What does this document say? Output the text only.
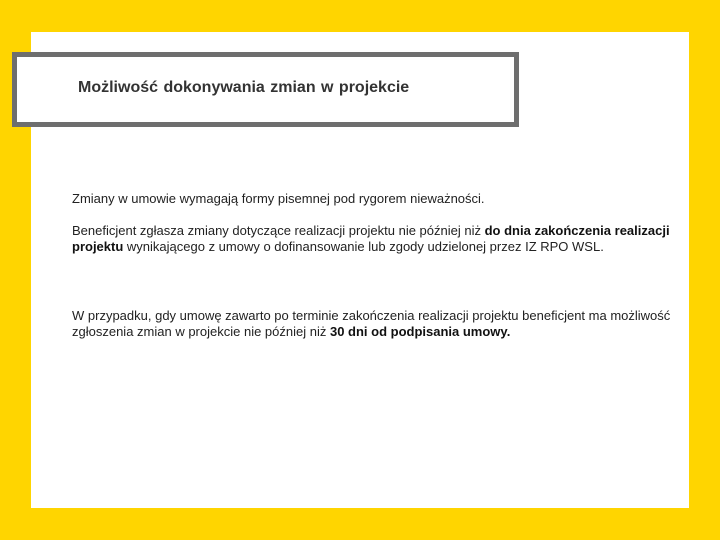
Możliwość dokonywania zmian w projekcie

Zmiany w umowie wymagają formy pisemnej pod rygorem nieważności.

Beneficjent zgłasza zmiany dotyczące realizacji projektu nie później niż do dnia zakończenia realizacji projektu wynikającego z umowy o dofinansowanie lub zgody udzielonej przez IZ RPO WSL.

W przypadku, gdy umowę zawarto po terminie zakończenia realizacji projektu beneficjent ma możliwość zgłoszenia zmian w projekcie nie później niż 30 dni od podpisania umowy.
